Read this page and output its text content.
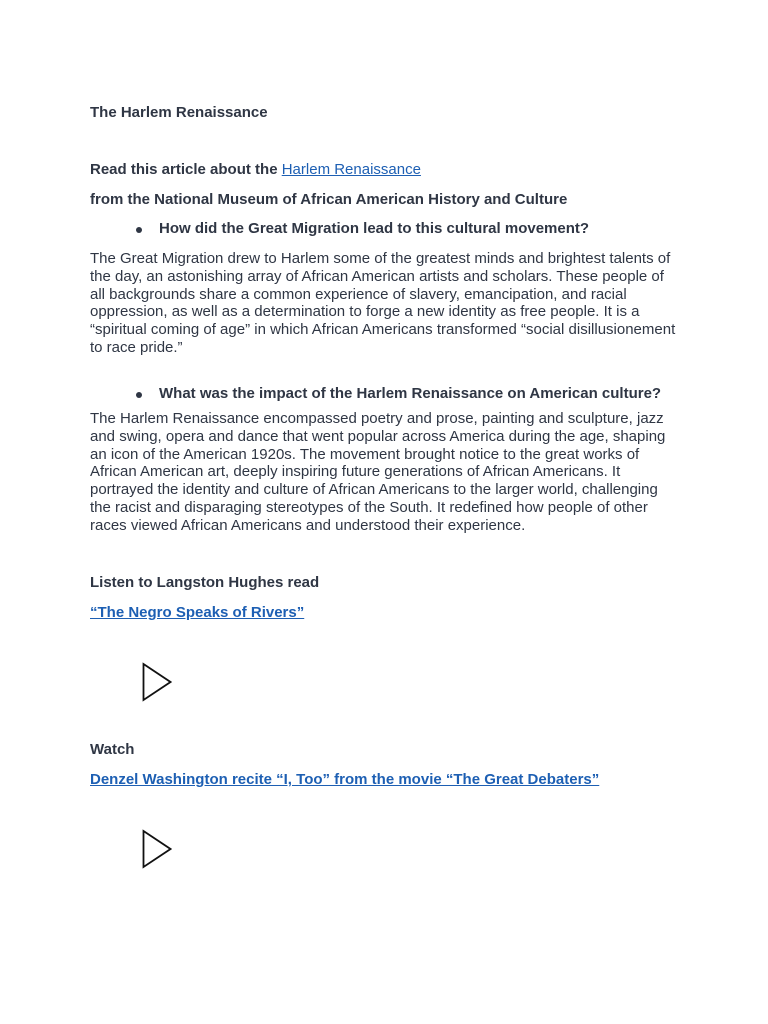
The Harlem Renaissance
Read this article about the Harlem Renaissance
from the National Museum of African American History and Culture
How did the Great Migration lead to this cultural movement?

The Great Migration drew to Harlem some of the greatest minds and brightest talents of the day, an astonishing array of African American artists and scholars. These people of all backgrounds share a common experience of slavery, emancipation, and racial oppression, as well as a determination to forge a new identity as free people. It is a “spiritual coming of age” in which African Americans transformed “social disillusionement to race pride.”

What was the impact of the Harlem Renaissance on American culture?

The Harlem Renaissance encompassed poetry and prose, painting and sculpture, jazz and swing, opera and dance that went popular across America during the age, shaping an icon of the American 1920s. The movement brought notice to the great works of African American art, deeply inspiring future generations of African Americans. It portrayed the identity and culture of African Americans to the larger world, challenging the racist and disparaging stereotypes of the South. It redefined how people of other races viewed African Americans and understood their experience.

Listen to Langston Hughes read
“The Negro Speaks of Rivers”
Watch
Denzel Washington recite “I, Too” from the movie “The Great Debaters”
